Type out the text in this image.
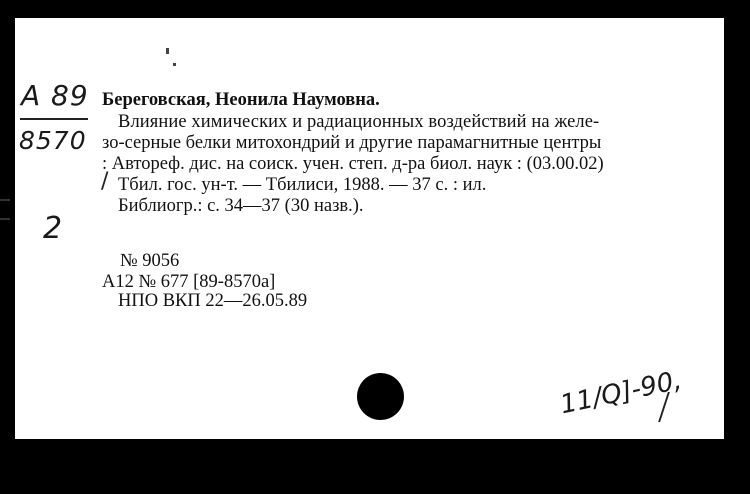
А 89
8570
2
Береговская, Неонила Наумовна.
Влияние химических и радиационных воздействий на желе-
зо-серные белки митохондрий и другие парамагнитные центры
: Автореф. дис. на соиск. учен. степ. д-ра биол. наук : (03.00.02)
/ Тбил. гос. ун-т. — Тбилиси, 1988. — 37 с. : ил.
Библиогр.: с. 34—37 (30 назв.).
№ 9056
А12 № 677 [89-8570а]
НПО ВКП 22—26.05.89
11/Q]-90,
